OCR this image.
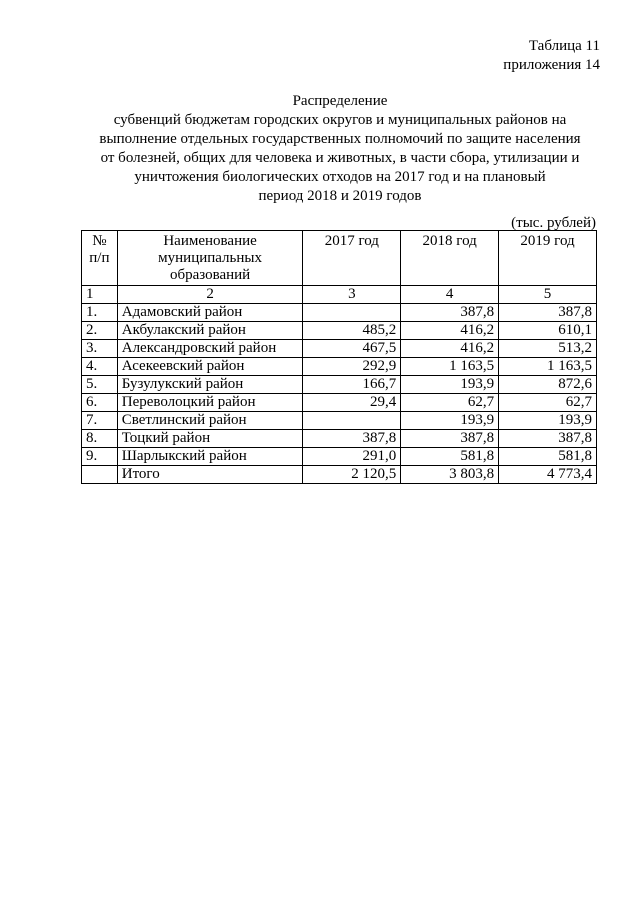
Таблица 11
приложения 14
Распределение
субвенций бюджетам городских округов и муниципальных районов на
выполнение отдельных государственных полномочий по защите населения
от болезней, общих для человека и животных, в части сбора, утилизации и
уничтожения биологических отходов на 2017 год и на плановый
период 2018 и 2019 годов
(тыс. рублей)
№ п/п	Наименование муниципальных образований	2017 год	2018 год	2019 год
1	2	3	4	5
1.	Адамовский район		387,8	387,8
2.	Акбулакский район	485,2	416,2	610,1
3.	Александровский район	467,5	416,2	513,2
4.	Асекеевский район	292,9	1 163,5	1 163,5
5.	Бузулукский район	166,7	193,9	872,6
6.	Переволоцкий район	29,4	62,7	62,7
7.	Светлинский район		193,9	193,9
8.	Тоцкий район	387,8	387,8	387,8
9.	Шарлыкский район	291,0	581,8	581,8
	Итого	2 120,5	3 803,8	4 773,4
